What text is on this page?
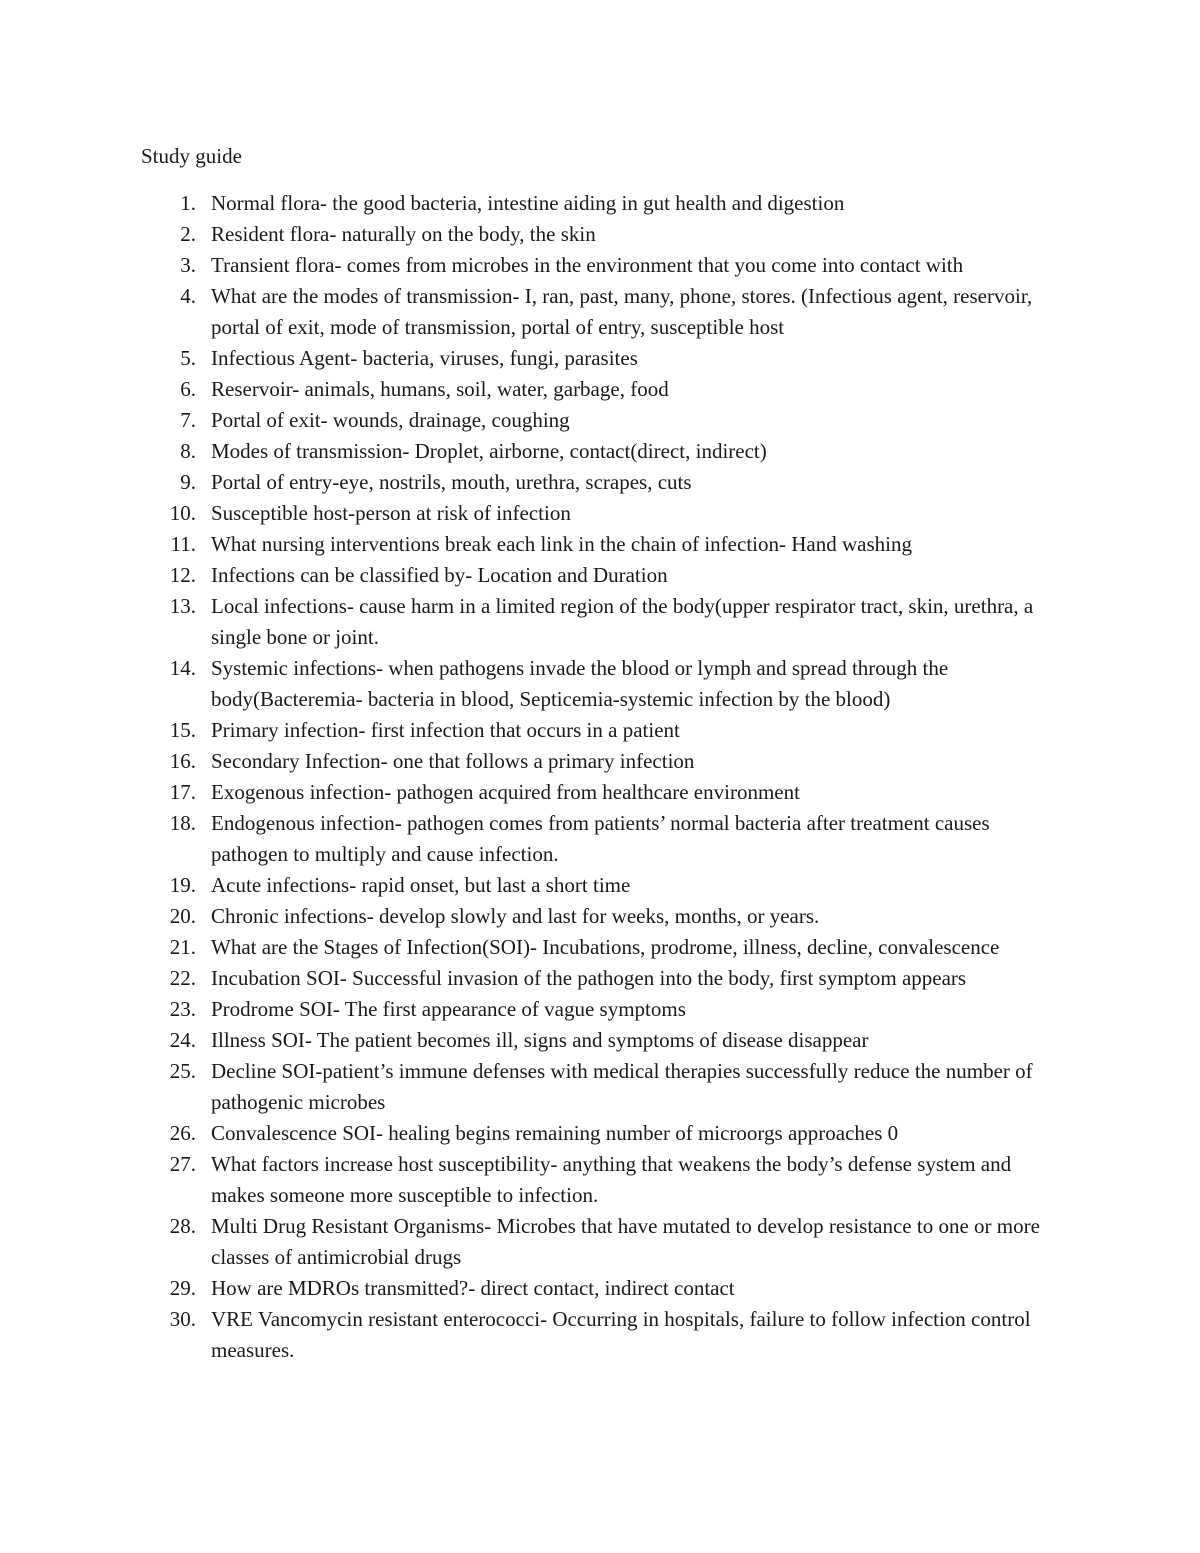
Study guide
1. Normal flora- the good bacteria, intestine aiding in gut health and digestion
2. Resident flora- naturally on the body, the skin
3. Transient flora- comes from microbes in the environment that you come into contact with
4. What are the modes of transmission- I, ran, past, many, phone, stores. (Infectious agent, reservoir, portal of exit, mode of transmission, portal of entry, susceptible host
5. Infectious Agent- bacteria, viruses, fungi, parasites
6. Reservoir- animals, humans, soil, water, garbage, food
7. Portal of exit- wounds, drainage, coughing
8. Modes of transmission- Droplet, airborne, contact(direct, indirect)
9. Portal of entry-eye, nostrils, mouth, urethra, scrapes, cuts
10. Susceptible host-person at risk of infection
11. What nursing interventions break each link in the chain of infection- Hand washing
12. Infections can be classified by- Location and Duration
13. Local infections- cause harm in a limited region of the body(upper respirator tract, skin, urethra, a single bone or joint.
14. Systemic infections- when pathogens invade the blood or lymph and spread through the body(Bacteremia- bacteria in blood, Septicemia-systemic infection by the blood)
15. Primary infection- first infection that occurs in a patient
16. Secondary Infection- one that follows a primary infection
17. Exogenous infection- pathogen acquired from healthcare environment
18. Endogenous infection- pathogen comes from patients’ normal bacteria after treatment causes pathogen to multiply and cause infection.
19. Acute infections- rapid onset, but last a short time
20. Chronic infections- develop slowly and last for weeks, months, or years.
21. What are the Stages of Infection(SOI)- Incubations, prodrome, illness, decline, convalescence
22. Incubation SOI- Successful invasion of the pathogen into the body, first symptom appears
23. Prodrome SOI- The first appearance of vague symptoms
24. Illness SOI- The patient becomes ill, signs and symptoms of disease disappear
25. Decline SOI-patient’s immune defenses with medical therapies successfully reduce the number of pathogenic microbes
26. Convalescence SOI- healing begins remaining number of microorgs approaches 0
27. What factors increase host susceptibility- anything that weakens the body’s defense system and makes someone more susceptible to infection.
28. Multi Drug Resistant Organisms- Microbes that have mutated to develop resistance to one or more classes of antimicrobial drugs
29. How are MDROs transmitted?- direct contact, indirect contact
30. VRE Vancomycin resistant enterococci- Occurring in hospitals, failure to follow infection control measures.
